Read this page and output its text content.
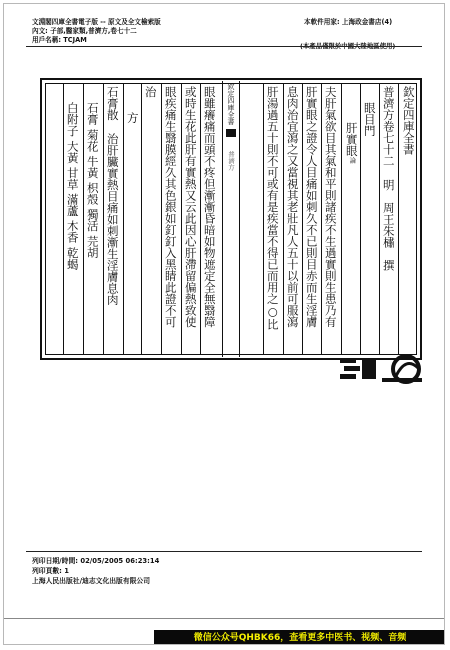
文淵閣四庫全書電子版 -- 原文及全文檢索版
內文: 子部,醫家類,普濟方,卷七十二
用戶名稱: TCJAM
本軟件用家: 上海政金書店(4)
(本產品僅限於中國大陸地區使用)
欽定四庫全書
普濟方卷七十二
明　周王朱橚　撰
眼目門
肝實眼
論
夫肝氣欲目其氣和平則諸疾不生過實則生患乃有
肝實眼之證令人目痛如刺久不已則目赤而生淫膚
息肉治宜瀉之又當視其老壯凡人五十以前可服瀉
肝湯過五十則不可或有是疾當不得已而用之○比
欽定四庫全書
普濟方
眼雖癢痛而頭不疼但漸漸昏暗如物遮定全無翳障
或時生花此肝有實熱又云此因心肝滯留偏熱致使
眼疾痛生翳膜經久其色銀如釘釘入黑睛此證不可
治
方
石膏散
治肝臟實熱目痛如刺漸生淫膚息肉
石膏 菊花 牛黃 枳殼 獨活 芫胡
白附子 大黃 甘草 滿蘆 木香 乾蝎
列印日期/時間: 02/05/2005 06:23:14
列印頁數: 1
上海人民出版社/迪志文化出版有限公司
微信公众号QHBK66，查看更多中医书、视频、音频
